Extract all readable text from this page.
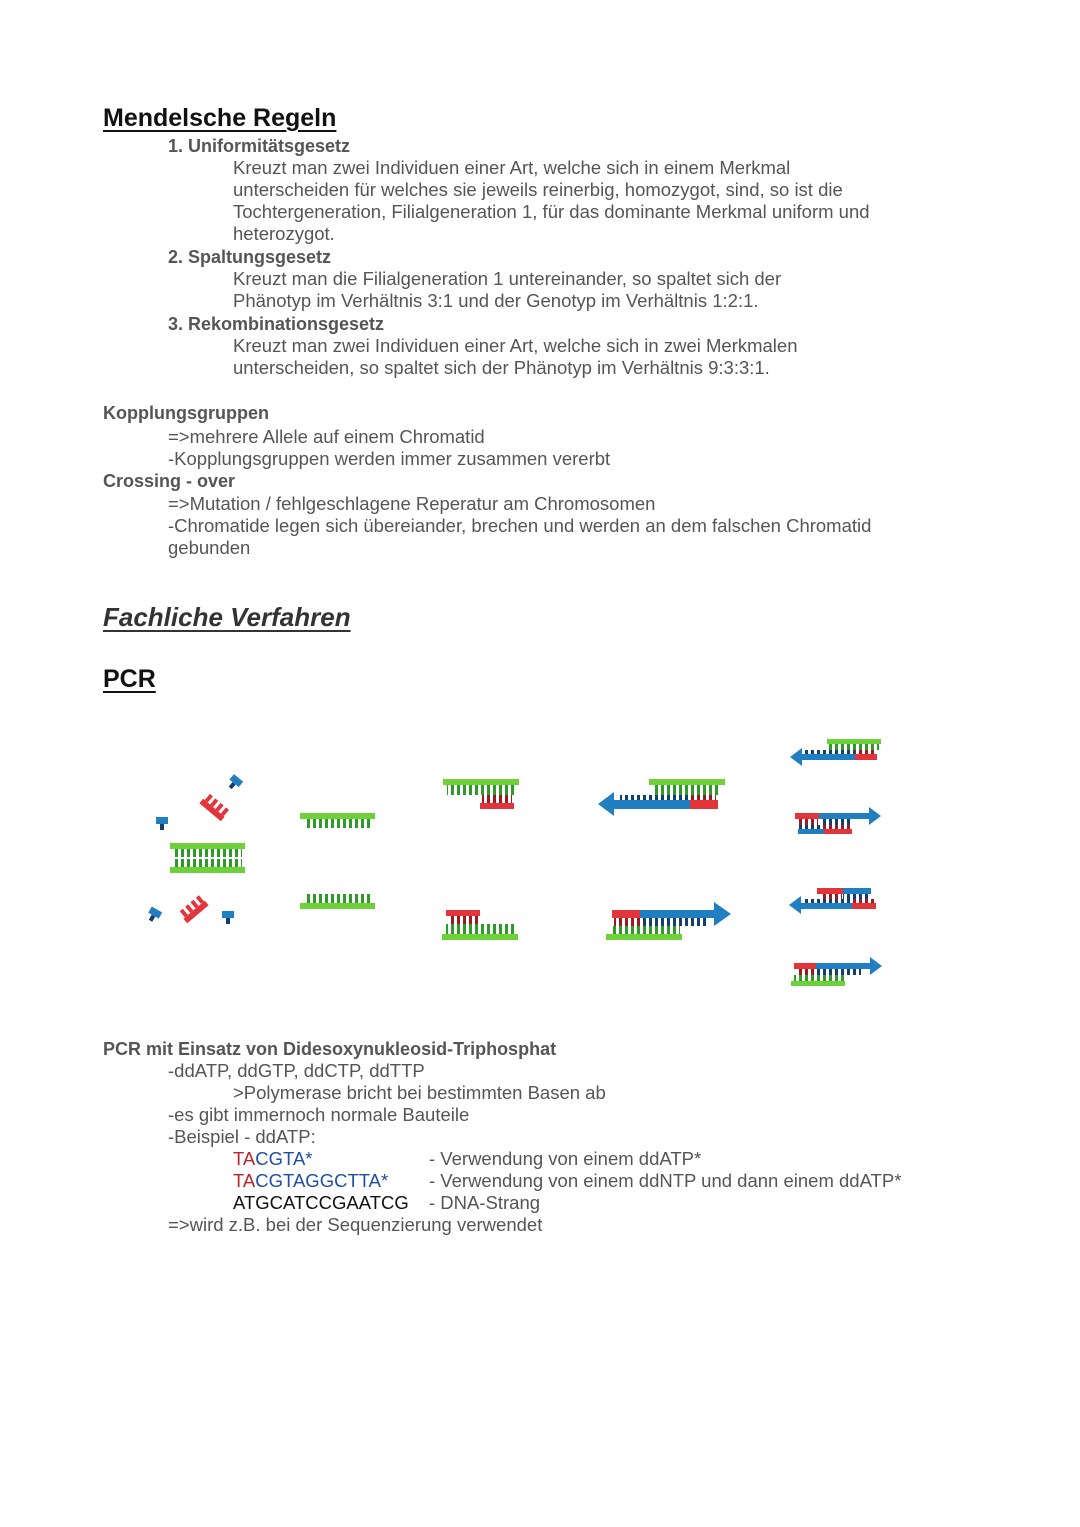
Mendelsche Regeln
1. Uniformitätsgesetz
Kreuzt man zwei Individuen einer Art, welche sich in einem Merkmal
unterscheiden für welches sie jeweils reinerbig, homozygot, sind, so ist die
Tochtergeneration, Filialgeneration 1, für das dominante Merkmal uniform und
heterozygot.
2. Spaltungsgesetz
Kreuzt man die Filialgeneration 1 untereinander, so spaltet sich der
Phänotyp im Verhältnis 3:1 und der Genotyp im Verhältnis 1:2:1.
3. Rekombinationsgesetz
Kreuzt man zwei Individuen einer Art, welche sich in zwei Merkmalen
unterscheiden, so spaltet sich der Phänotyp im Verhältnis 9:3:3:1.
Kopplungsgruppen
=>mehrere Allele auf einem Chromatid
-Kopplungsgruppen werden immer zusammen vererbt
Crossing - over
=>Mutation / fehlgeschlagene Reperatur am Chromosomen
-Chromatide legen sich übereiander, brechen und werden an dem falschen Chromatid
gebunden
Fachliche Verfahren
PCR
PCR mit Einsatz von Didesoxynukleosid-Triphosphat
-ddATP, ddGTP, ddCTP, ddTTP
>Polymerase bricht bei bestimmten Basen ab
-es gibt immernoch normale Bauteile
-Beispiel - ddATP:
TACGTA*	- Verwendung von einem ddATP*
TACGTAGGCTTA* - Verwendung von einem ddNTP und dann einem ddATP*
ATGCATCCGAATCG - DNA-Strang
=>wird z.B. bei der Sequenzierung verwendet
